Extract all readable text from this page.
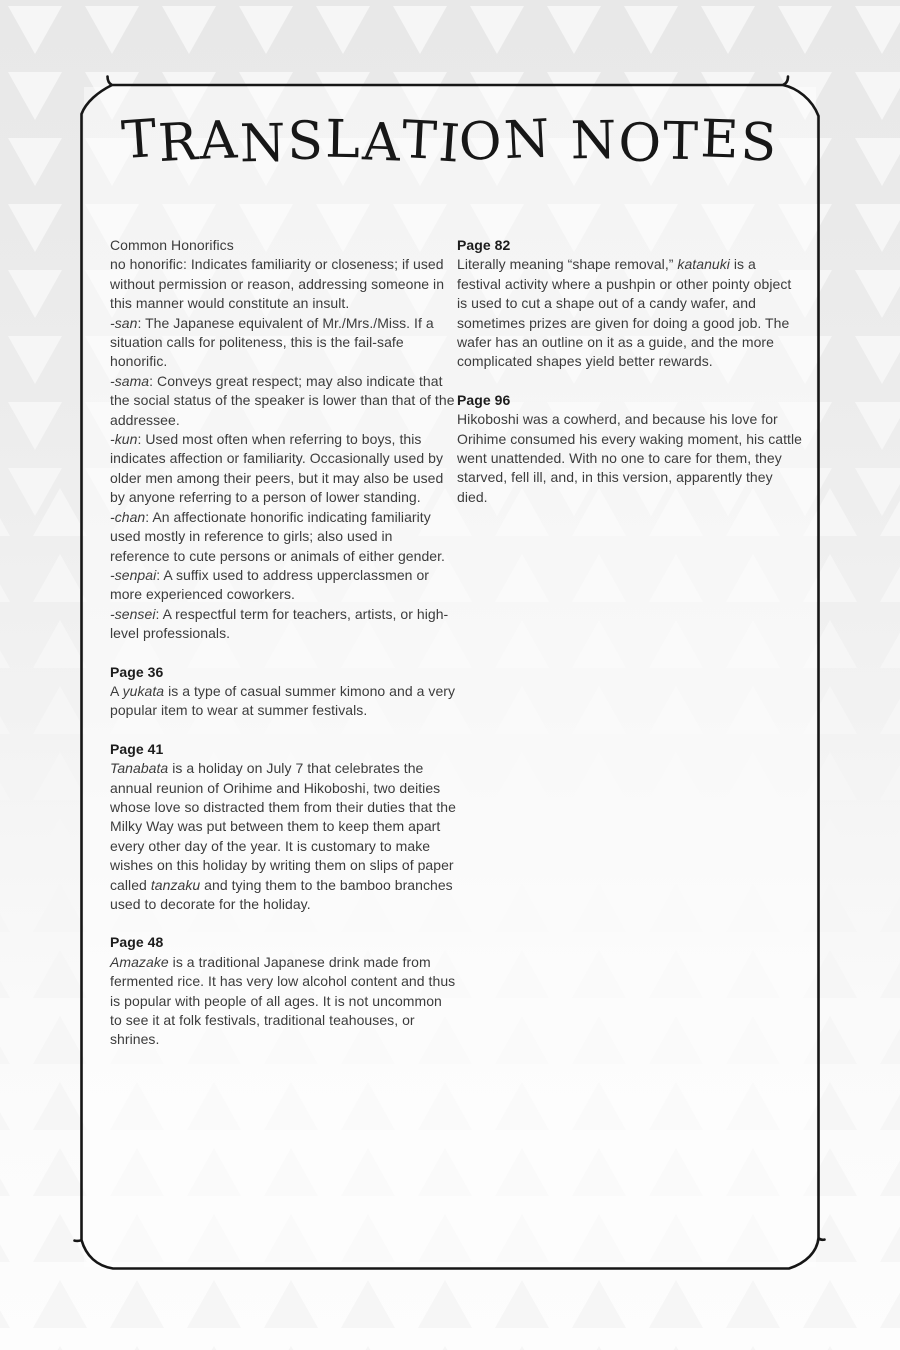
TRANSLATION NOTES
Common Honorifics
no honorific: Indicates familiarity or closeness; if used without permission or reason, addressing someone in this manner would constitute an insult.
-san: The Japanese equivalent of Mr./Mrs./Miss. If a situation calls for politeness, this is the fail-safe honorific.
-sama: Conveys great respect; may also indicate that the social status of the speaker is lower than that of the addressee.
-kun: Used most often when referring to boys, this indicates affection or familiarity. Occasionally used by older men among their peers, but it may also be used by anyone referring to a person of lower standing.
-chan: An affectionate honorific indicating familiarity used mostly in reference to girls; also used in reference to cute persons or animals of either gender.
-senpai: A suffix used to address upperclassmen or more experienced coworkers.
-sensei: A respectful term for teachers, artists, or high-level professionals.
Page 36
A yukata is a type of casual summer kimono and a very popular item to wear at summer festivals.
Page 41
Tanabata is a holiday on July 7 that celebrates the annual reunion of Orihime and Hikoboshi, two deities whose love so distracted them from their duties that the Milky Way was put between them to keep them apart every other day of the year. It is customary to make wishes on this holiday by writing them on slips of paper called tanzaku and tying them to the bamboo branches used to decorate for the holiday.
Page 48
Amazake is a traditional Japanese drink made from fermented rice. It has very low alcohol content and thus is popular with people of all ages. It is not uncommon to see it at folk festivals, traditional teahouses, or shrines.
Page 82
Literally meaning “shape removal,” katanuki is a festival activity where a pushpin or other pointy object is used to cut a shape out of a candy wafer, and sometimes prizes are given for doing a good job. The wafer has an outline on it as a guide, and the more complicated shapes yield better rewards.
Page 96
Hikoboshi was a cowherd, and because his love for Orihime consumed his every waking moment, his cattle went unattended. With no one to care for them, they starved, fell ill, and, in this version, apparently they died.
